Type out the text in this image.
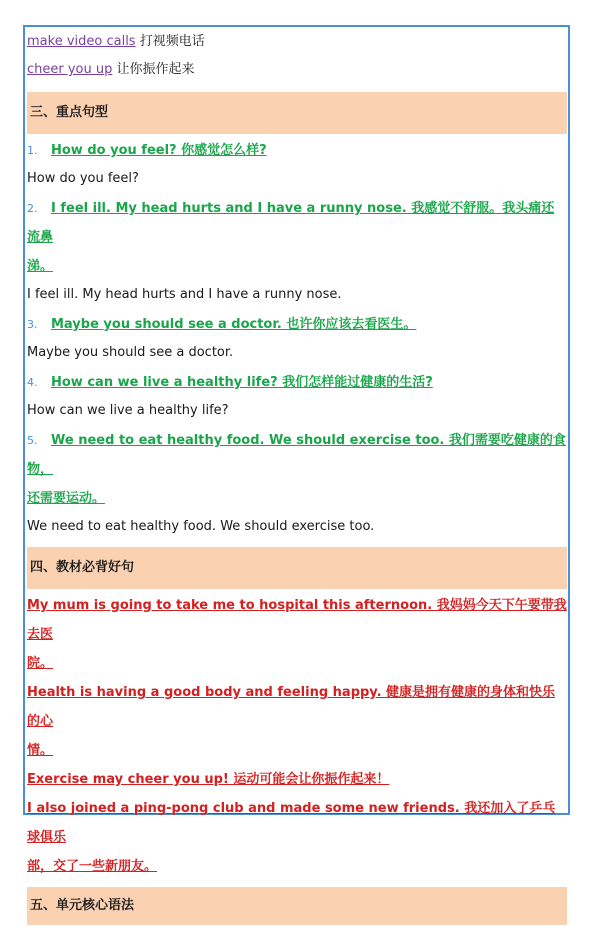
make video calls 打视频电话
cheer you up 让你振作起来
三、重点句型
1. How do you feel? 你感觉怎么样?
How do you feel?
2. I feel ill. My head hurts and I have a runny nose. 我感觉不舒服。我头痛还流鼻
涕。
I feel ill. My head hurts and I have a runny nose.
3. Maybe you should see a doctor. 也许你应该去看医生。
Maybe you should see a doctor.
4. How can we live a healthy life? 我们怎样能过健康的生活?
How can we live a healthy life?
5. We need to eat healthy food. We should exercise too. 我们需要吃健康的食物，
还需要运动。
We need to eat healthy food. We should exercise too.
四、教材必背好句
My mum is going to take me to hospital this afternoon. 我妈妈今天下午要带我去医
院。
Health is having a good body and feeling happy. 健康是拥有健康的身体和快乐的心
情。
Exercise may cheer you up! 运动可能会让你振作起来！
I also joined a ping-pong club and made some new friends. 我还加入了乒乓球俱乐
部，交了一些新朋友。
五、单元核心语法
